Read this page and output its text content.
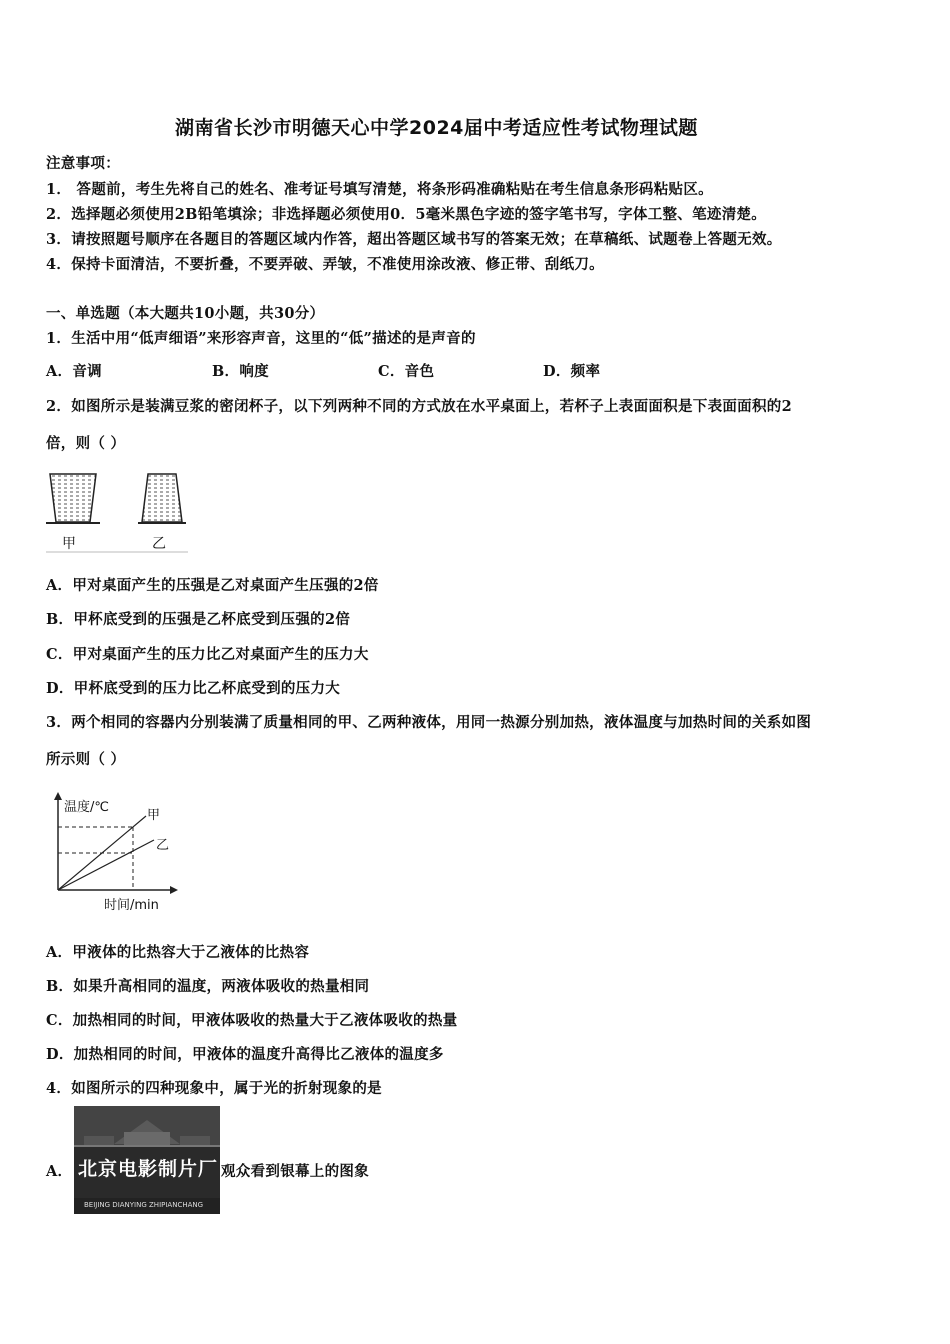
湖南省长沙市明德天心中学2024届中考适应性考试物理试题
注意事项：
1． 答题前，考生先将自己的姓名、准考证号填写清楚，将条形码准确粘贴在考生信息条形码粘贴区。
2．选择题必须使用2B铅笔填涂；非选择题必须使用0．5毫米黑色字迹的签字笔书写，字体工整、笔迹清楚。
3．请按照题号顺序在各题目的答题区域内作答，超出答题区域书写的答案无效；在草稿纸、试题卷上答题无效。
4．保持卡面清洁，不要折叠，不要弄破、弄皱，不准使用涂改液、修正带、刮纸刀。
一、单选题（本大题共10小题，共30分）
1．生活中用“低声细语”来形容声音，这里的“低”描述的是声音的
A．音调	B．响度	C．音色	D．频率
2．如图所示是装满豆浆的密闭杯子，以下列两种不同的方式放在水平桌面上，若杯子上表面面积是下表面面积的2
倍，则（ ）
甲	乙
A．甲对桌面产生的压强是乙对桌面产生压强的2倍
B．甲杯底受到的压强是乙杯底受到压强的2倍
C．甲对桌面产生的压力比乙对桌面产生的压力大
D．甲杯底受到的压力比乙杯底受到的压力大
3．两个相同的容器内分别装满了质量相同的甲、乙两种液体，用同一热源分别加热，液体温度与加热时间的关系如图
所示则（ ）
温度/℃
甲
乙
时间/min
A．甲液体的比热容大于乙液体的比热容
B．如果升高相同的温度，两液体吸收的热量相同
C．加热相同的时间，甲液体吸收的热量大于乙液体吸收的热量
D．加热相同的时间，甲液体的温度升高得比乙液体的温度多
4．如图所示的四种现象中，属于光的折射现象的是
A． 北京电影制片厂
BEIJING DIANYING ZHIPIANCHANG
观众看到银幕上的图象
